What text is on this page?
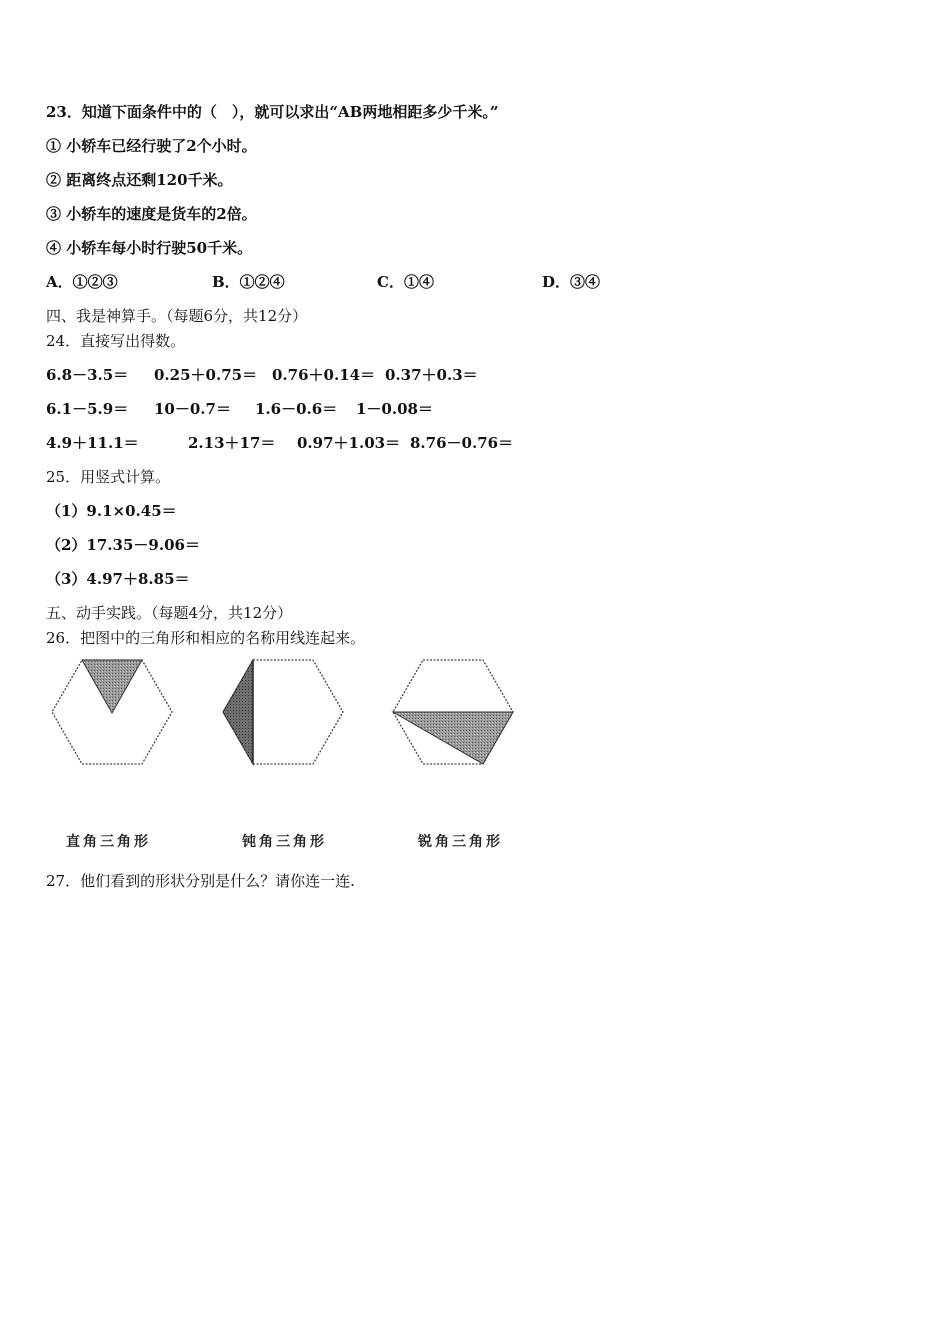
23．知道下面条件中的（　），就可以求出“AB两地相距多少千米。”
① 小轿车已经行驶了2个小时。
② 距离终点还剩120千米。
③ 小轿车的速度是货车的2倍。
④ 小轿车每小时行驶50千米。
A．①②③	B．①②④	C．①④	D．③④
四、我是神算手。（每题6分，共12分）
24．直接写出得数。
6.8－3.5＝ 0.25＋0.75＝ 0.76＋0.14＝ 0.37＋0.3＝
6.1－5.9＝ 10－0.7＝ 1.6－0.6＝ 1－0.08＝
4.9＋11.1＝	2.13＋17＝ 0.97＋1.03＝ 8.76－0.76＝
25．用竖式计算。
（1）9.1×0.45＝
（2）17.35－9.06＝
（3）4.97＋8.85＝
五、动手实践。（每题4分，共12分）
26．把图中的三角形和相应的名称用线连起来。
直角三角形	钝角三角形	锐角三角形
27．他们看到的形状分别是什么？请你连一连.
